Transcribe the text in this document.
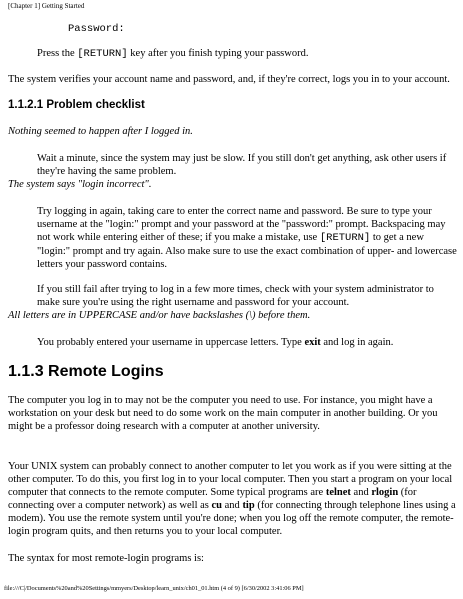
[Chapter 1] Getting Started
Password:
Press the [RETURN] key after you finish typing your password.
The system verifies your account name and password, and, if they're correct, logs you in to your account.
1.1.2.1 Problem checklist
Nothing seemed to happen after I logged in.
Wait a minute, since the system may just be slow. If you still don't get anything, ask other users if they're having the same problem.
The system says "login incorrect".
Try logging in again, taking care to enter the correct name and password. Be sure to type your username at the "login:" prompt and your password at the "password:" prompt. Backspacing may not work while entering either of these; if you make a mistake, use [RETURN] to get a new "login:" prompt and try again. Also make sure to use the exact combination of upper- and lowercase letters your password contains.
If you still fail after trying to log in a few more times, check with your system administrator to make sure you're using the right username and password for your account.
All letters are in UPPERCASE and/or have backslashes (\) before them.
You probably entered your username in uppercase letters. Type exit and log in again.
1.1.3 Remote Logins
The computer you log in to may not be the computer you need to use. For instance, you might have a workstation on your desk but need to do some work on the main computer in another building. Or you might be a professor doing research with a computer at another university.
Your UNIX system can probably connect to another computer to let you work as if you were sitting at the other computer. To do this, you first log in to your local computer. Then you start a program on your local computer that connects to the remote computer. Some typical programs are telnet and rlogin (for connecting over a computer network) as well as cu and tip (for connecting through telephone lines using a modem). You use the remote system until you're done; when you log off the remote computer, the remote-login program quits, and then returns you to your local computer.
The syntax for most remote-login programs is:
file:///C|/Documents%20and%20Settings/mmyers/Desktop/learn_unix/ch01_01.htm (4 of 9) [6/30/2002 3:41:06 PM]
